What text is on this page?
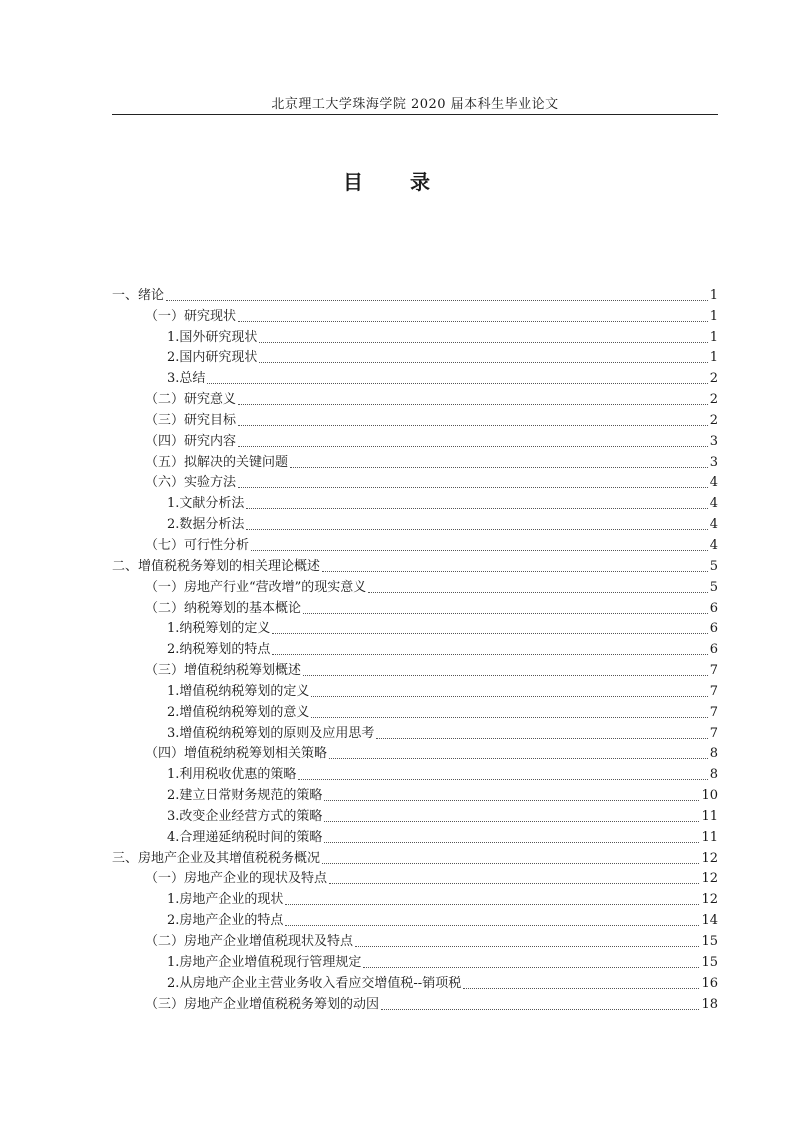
北京理工大学珠海学院 2020 届本科生毕业论文
目 录
一、绪论	1
（一）研究现状	1
1.国外研究现状	1
2.国内研究现状	1
3.总结	2
（二）研究意义	2
（三）研究目标	2
（四）研究内容	3
（五）拟解决的关键问题	3
（六）实验方法	4
1.文献分析法	4
2.数据分析法	4
（七）可行性分析	4
二、增值税税务筹划的相关理论概述	5
（一）房地产行业“营改增”的现实意义	5
（二）纳税筹划的基本概论	6
1.纳税筹划的定义	6
2.纳税筹划的特点	6
（三）增值税纳税筹划概述	7
1.增值税纳税筹划的定义	7
2.增值税纳税筹划的意义	7
3.增值税纳税筹划的原则及应用思考	7
（四）增值税纳税筹划相关策略	8
1.利用税收优惠的策略	8
2.建立日常财务规范的策略	10
3.改变企业经营方式的策略	11
4.合理递延纳税时间的策略	11
三、房地产企业及其增值税税务概况	12
（一）房地产企业的现状及特点	12
1.房地产企业的现状	12
2.房地产企业的特点	14
（二）房地产企业增值税现状及特点	15
1.房地产企业增值税现行管理规定	15
2.从房地产企业主营业务收入看应交增值税--销项税	16
（三）房地产企业增值税税务筹划的动因	18
